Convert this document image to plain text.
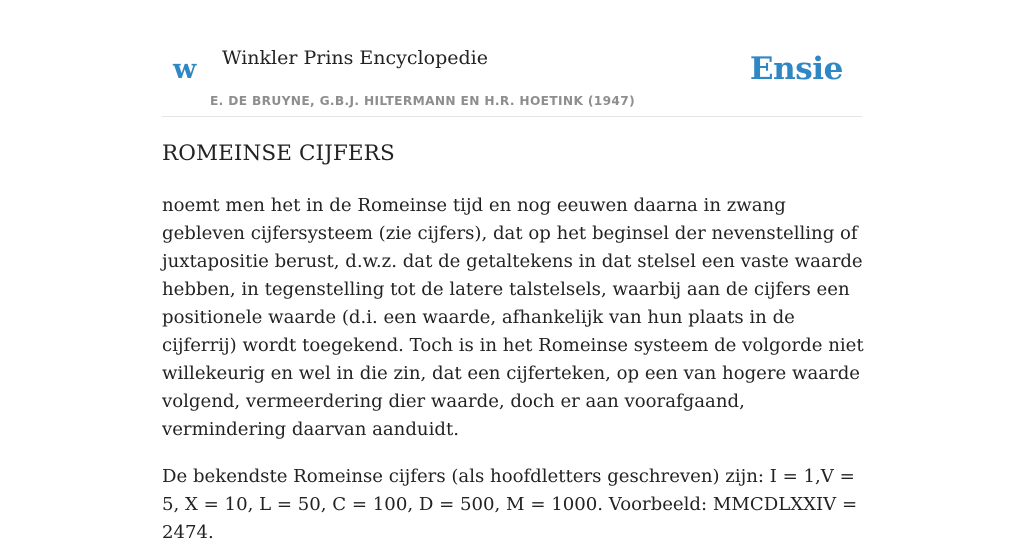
w Winkler Prins Encyclopedie
E. DE BRUYNE, G.B.J. HILTERMANN EN H.R. HOETINK (1947)
Ensie
ROMEINSE CIJFERS

noemt men het in de Romeinse tijd en nog eeuwen daarna in zwang gebleven cijfersysteem (zie cijfers), dat op het beginsel der nevenstelling of juxtapositie berust, d.w.z. dat de getaltekens in dat stelsel een vaste waarde hebben, in tegenstelling tot de latere talstelsels, waarbij aan de cijfers een positionele waarde (d.i. een waarde, afhankelijk van hun plaats in de cijferrij) wordt toegekend. Toch is in het Romeinse systeem de volgorde niet willekeurig en wel in die zin, dat een cijferteken, op een van hogere waarde volgend, vermeerdering dier waarde, doch er aan voorafgaand, vermindering daarvan aanduidt.

De bekendste Romeinse cijfers (als hoofdletters geschreven) zijn: I = 1,V = 5, X = 10, L = 50, C = 100, D = 500, M = 1000. Voorbeeld: MMCDLXXIV = 2474.
